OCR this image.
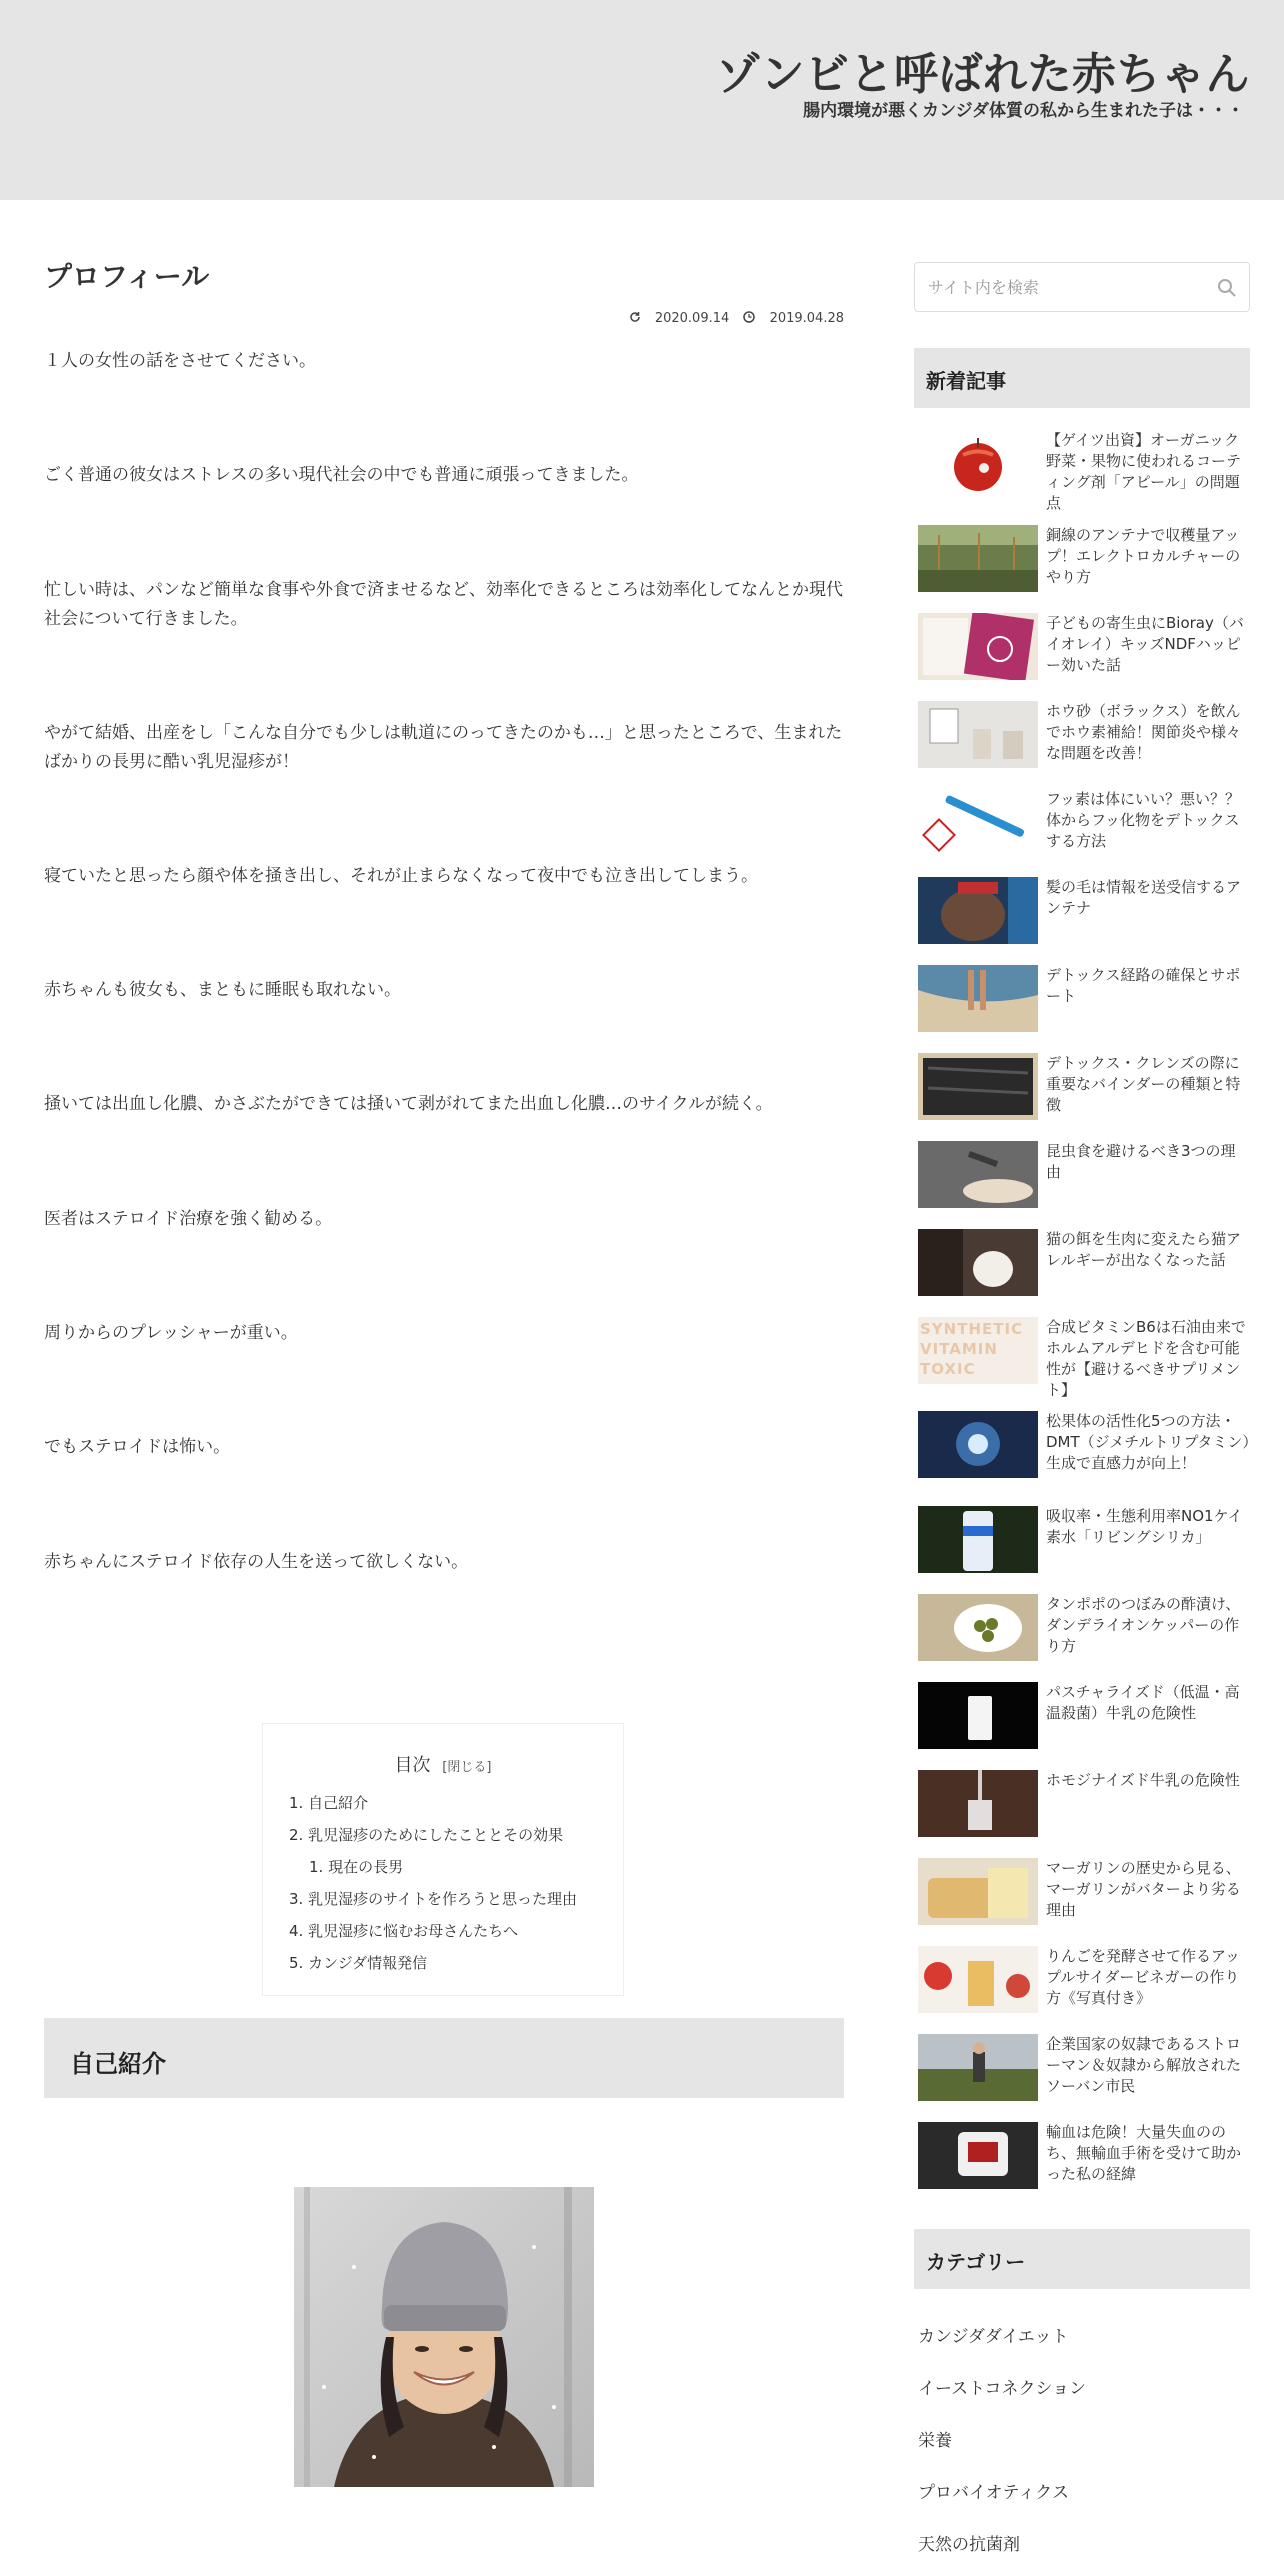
ゾンビと呼ばれた赤ちゃん

腸内環境が悪くカンジダ体質の私から生まれた子は・・・

プロフィール
2020.09.14	2019.04.28

１人の女性の話をさせてください。

ごく普通の彼女はストレスの多い現代社会の中でも普通に頑張ってきました。

忙しい時は、パンなど簡単な食事や外食で済ませるなど、効率化できるところは効率化してなんとか現代社会について行きました。

やがて結婚、出産をし「こんな自分でも少しは軌道にのってきたのかも…」と思ったところで、生まれたばかりの長男に酷い乳児湿疹が！

寝ていたと思ったら顔や体を掻き出し、それが止まらなくなって夜中でも泣き出してしまう。

赤ちゃんも彼女も、まともに睡眠も取れない。

掻いては出血し化膿、かさぶたができては掻いて剥がれてまた出血し化膿…のサイクルが続く。

医者はステロイド治療を強く勧める。

周りからのプレッシャーが重い。

でもステロイドは怖い。

赤ちゃんにステロイド依存の人生を送って欲しくない。

目次 [閉じる]
1. 自己紹介
2. 乳児湿疹のためにしたこととその効果
1. 現在の長男
3. 乳児湿疹のサイトを作ろうと思った理由
4. 乳児湿疹に悩むお母さんたちへ
5. カンジダ情報発信
自己紹介
サイト内を検索
新着記事
【ゲイツ出資】オーガニック野菜・果物に使われるコーティング剤「アピール」の問題点
銅線のアンテナで収穫量アップ！エレクトロカルチャーのやり方
子どもの寄生虫にBioray（バイオレイ）キッズNDFハッピー効いた話
ホウ砂（ボラックス）を飲んでホウ素補給！関節炎や様々な問題を改善！
フッ素は体にいい？悪い？？体からフッ化物をデトックスする方法
髪の毛は情報を送受信するアンテナ
デトックス経路の確保とサポート
デトックス・クレンズの際に重要なバインダーの種類と特徴
昆虫食を避けるべき3つの理由
猫の餌を生肉に変えたら猫アレルギーが出なくなった話
SYNTHETIC VITAMIN TOXIC
合成ビタミンB6は石油由来でホルムアルデヒドを含む可能性が【避けるべきサプリメント】
松果体の活性化5つの方法・DMT（ジメチルトリプタミン）生成で直感力が向上！
吸収率・生態利用率NO1ケイ素水「リビングシリカ」
タンポポのつぼみの酢漬け、ダンデライオンケッパーの作り方
パスチャライズド（低温・高温殺菌）牛乳の危険性
ホモジナイズド牛乳の危険性
マーガリンの歴史から見る、マーガリンがバターより劣る理由
りんごを発酵させて作るアップルサイダービネガーの作り方《写真付き》
企業国家の奴隷であるストローマン＆奴隷から解放されたソーバン市民
輸血は危険！大量失血ののち、無輸血手術を受けて助かった私の経緯
カテゴリー
カンジダダイエット
イーストコネクション
栄養
プロバイオティクス
天然の抗菌剤
